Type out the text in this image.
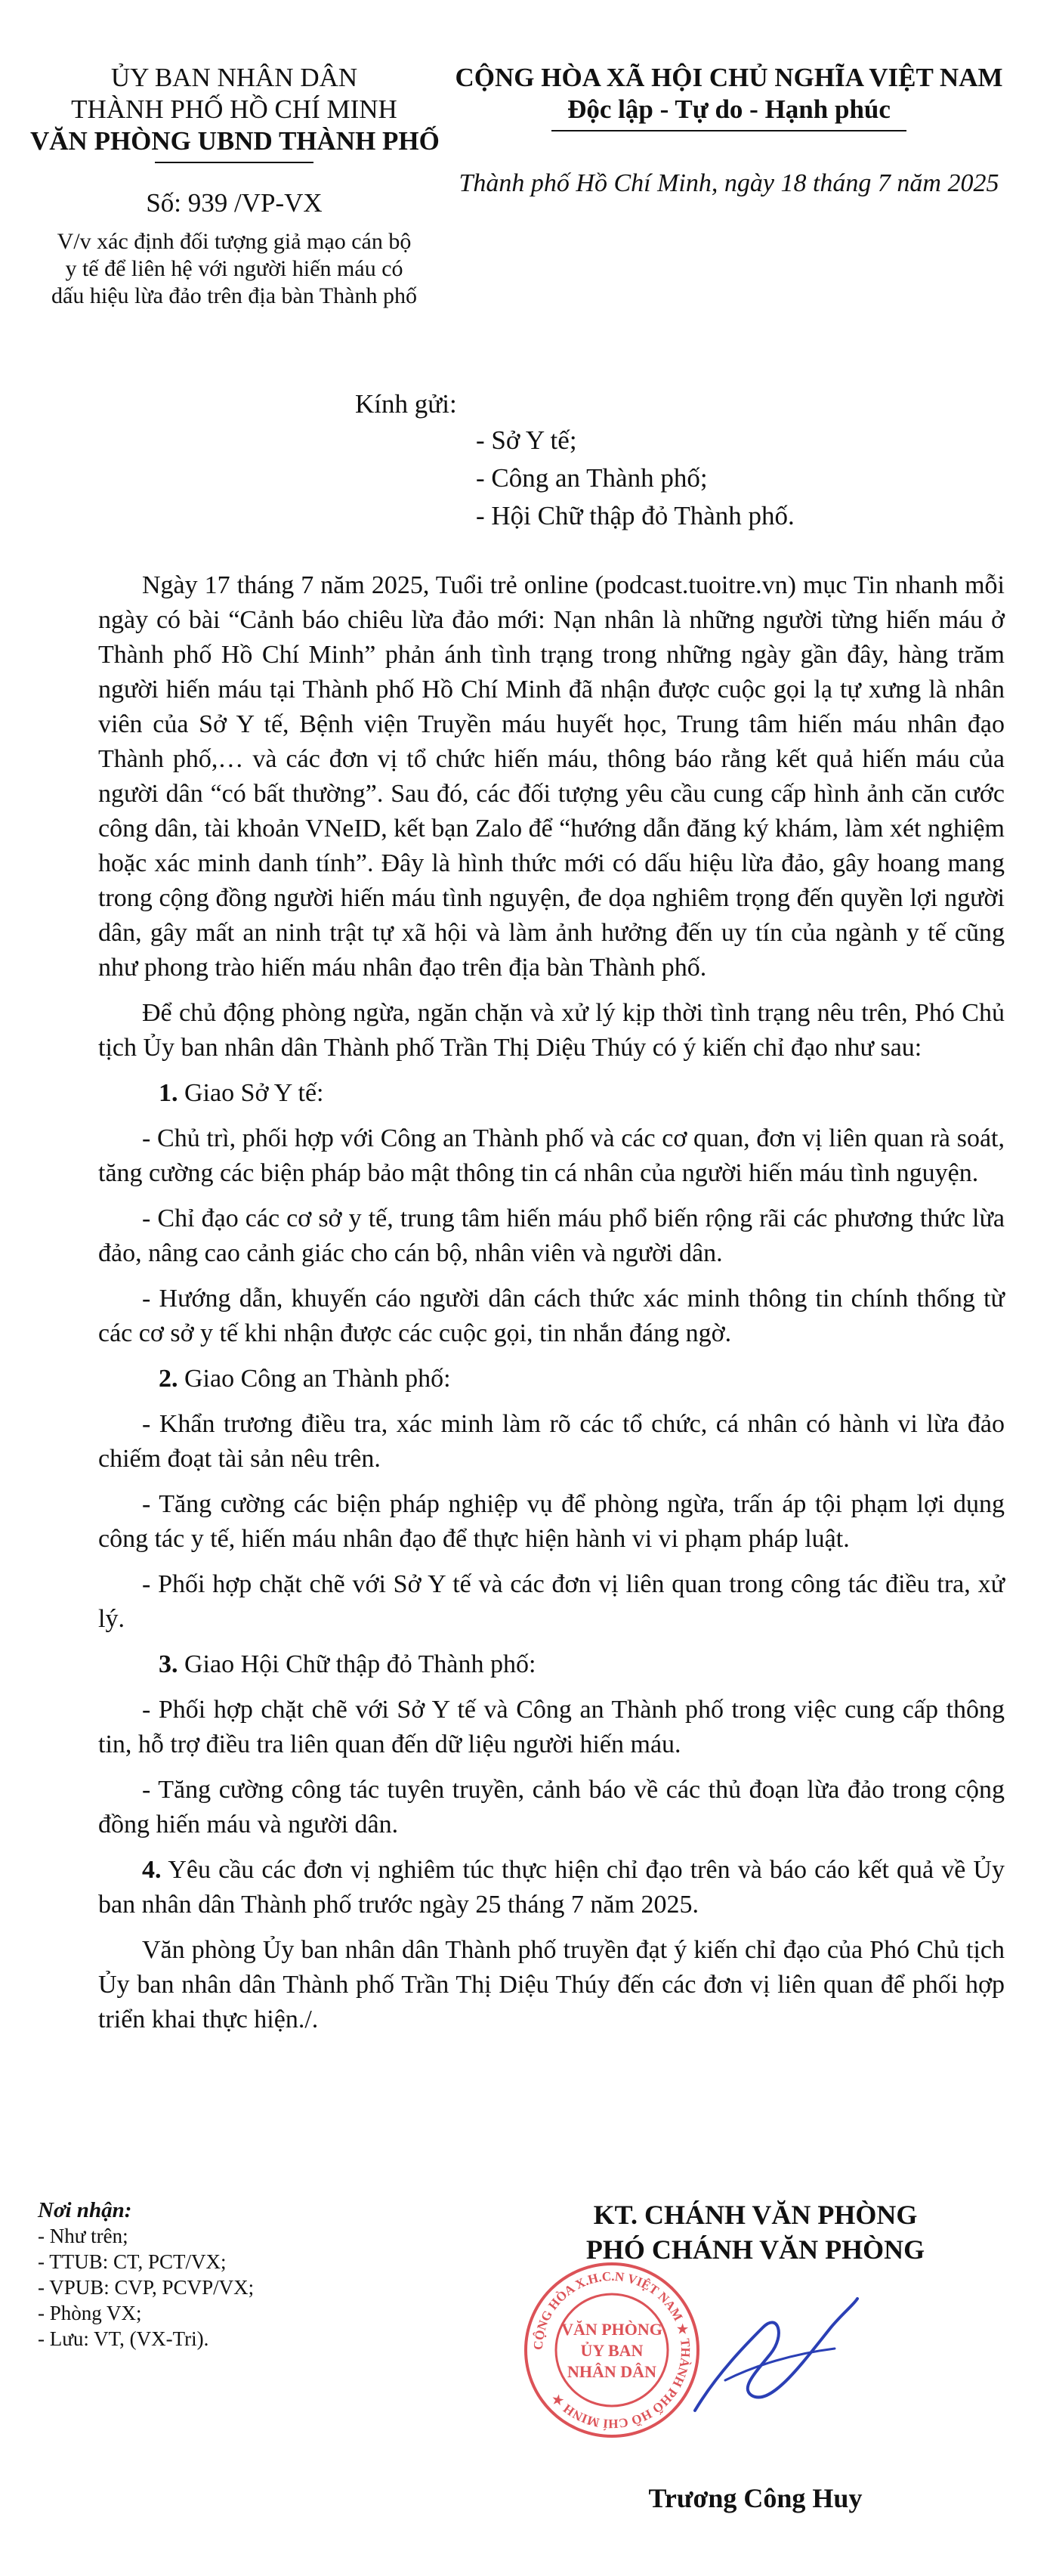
ỦY BAN NHÂN DÂN
THÀNH PHỐ HỒ CHÍ MINH
VĂN PHÒNG UBND THÀNH PHỐ
Số: 939 /VP-VX
V/v xác định đối tượng giả mạo cán bộ
y tế để liên hệ với người hiến máu có
dấu hiệu lừa đảo trên địa bàn Thành phố
CỘNG HÒA XÃ HỘI CHỦ NGHĨA VIỆT NAM
Độc lập - Tự do - Hạnh phúc
Thành phố Hồ Chí Minh, ngày 18 tháng 7 năm 2025
Kính gửi:
- Sở Y tế;
- Công an Thành phố;
- Hội Chữ thập đỏ Thành phố.

Ngày 17 tháng 7 năm 2025, Tuổi trẻ online (podcast.tuoitre.vn) mục Tin nhanh mỗi ngày có bài “Cảnh báo chiêu lừa đảo mới: Nạn nhân là những người từng hiến máu ở Thành phố Hồ Chí Minh” phản ánh tình trạng trong những ngày gần đây, hàng trăm người hiến máu tại Thành phố Hồ Chí Minh đã nhận được cuộc gọi lạ tự xưng là nhân viên của Sở Y tế, Bệnh viện Truyền máu huyết học, Trung tâm hiến máu nhân đạo Thành phố,… và các đơn vị tổ chức hiến máu, thông báo rằng kết quả hiến máu của người dân “có bất thường”. Sau đó, các đối tượng yêu cầu cung cấp hình ảnh căn cước công dân, tài khoản VNeID, kết bạn Zalo để “hướng dẫn đăng ký khám, làm xét nghiệm hoặc xác minh danh tính”. Đây là hình thức mới có dấu hiệu lừa đảo, gây hoang mang trong cộng đồng người hiến máu tình nguyện, đe dọa nghiêm trọng đến quyền lợi người dân, gây mất an ninh trật tự xã hội và làm ảnh hưởng đến uy tín của ngành y tế cũng như phong trào hiến máu nhân đạo trên địa bàn Thành phố.

Để chủ động phòng ngừa, ngăn chặn và xử lý kịp thời tình trạng nêu trên, Phó Chủ tịch Ủy ban nhân dân Thành phố Trần Thị Diệu Thúy có ý kiến chỉ đạo như sau:

1. Giao Sở Y tế:

- Chủ trì, phối hợp với Công an Thành phố và các cơ quan, đơn vị liên quan rà soát, tăng cường các biện pháp bảo mật thông tin cá nhân của người hiến máu tình nguyện.

- Chỉ đạo các cơ sở y tế, trung tâm hiến máu phổ biến rộng rãi các phương thức lừa đảo, nâng cao cảnh giác cho cán bộ, nhân viên và người dân.

- Hướng dẫn, khuyến cáo người dân cách thức xác minh thông tin chính thống từ các cơ sở y tế khi nhận được các cuộc gọi, tin nhắn đáng ngờ.

2. Giao Công an Thành phố:

- Khẩn trương điều tra, xác minh làm rõ các tổ chức, cá nhân có hành vi lừa đảo chiếm đoạt tài sản nêu trên.

- Tăng cường các biện pháp nghiệp vụ để phòng ngừa, trấn áp tội phạm lợi dụng công tác y tế, hiến máu nhân đạo để thực hiện hành vi vi phạm pháp luật.

- Phối hợp chặt chẽ với Sở Y tế và các đơn vị liên quan trong công tác điều tra, xử lý.

3. Giao Hội Chữ thập đỏ Thành phố:

- Phối hợp chặt chẽ với Sở Y tế và Công an Thành phố trong việc cung cấp thông tin, hỗ trợ điều tra liên quan đến dữ liệu người hiến máu.

- Tăng cường công tác tuyên truyền, cảnh báo về các thủ đoạn lừa đảo trong cộng đồng hiến máu và người dân.

4. Yêu cầu các đơn vị nghiêm túc thực hiện chỉ đạo trên và báo cáo kết quả về Ủy ban nhân dân Thành phố trước ngày 25 tháng 7 năm 2025.

Văn phòng Ủy ban nhân dân Thành phố truyền đạt ý kiến chỉ đạo của Phó Chủ tịch Ủy ban nhân dân Thành phố Trần Thị Diệu Thúy đến các đơn vị liên quan để phối hợp triển khai thực hiện./.

Nơi nhận:
- Như trên;
- TTUB: CT, PCT/VX;
- VPUB: CVP, PCVP/VX;
- Phòng VX;
- Lưu: VT, (VX-Tri).
KT. CHÁNH VĂN PHÒNG
PHÓ CHÁNH VĂN PHÒNG
CỘNG HÒA X.H.C.N VIỆT NAM ★ THÀNH PHỐ HỒ CHÍ MINH ★
VĂN PHÒNG
ỦY BAN
NHÂN DÂN
Trương Công Huy
